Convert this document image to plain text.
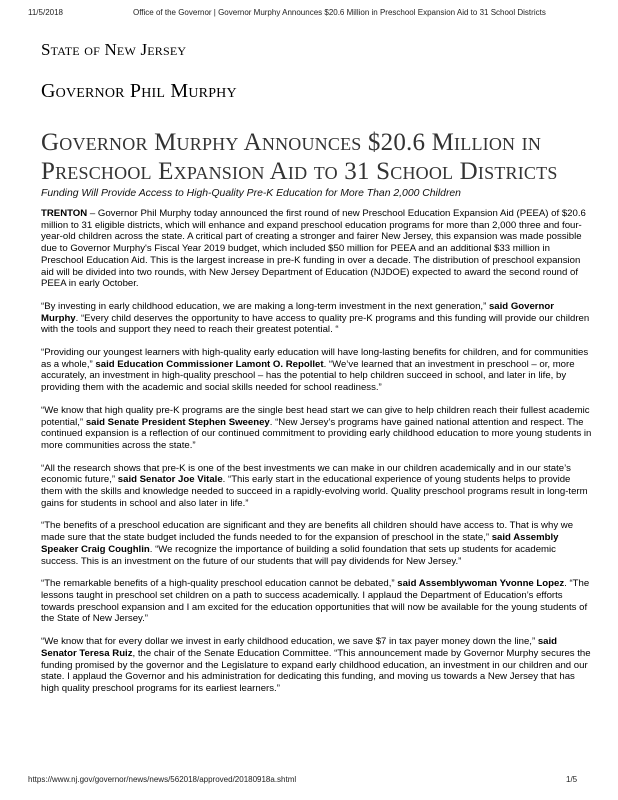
11/5/2018	Office of the Governor | Governor Murphy Announces $20.6 Million in Preschool Expansion Aid to 31 School Districts
State of New Jersey
Governor Phil Murphy
Governor Murphy Announces $20.6 Million in
Preschool Expansion Aid to 31 School Districts
Funding Will Provide Access to High-Quality Pre-K Education for More Than 2,000 Children

TRENTON – Governor Phil Murphy today announced the first round of new Preschool Education Expansion Aid (PEEA) of $20.6 million to 31 eligible districts, which will enhance and expand preschool education programs for more than 2,000 three and four-year-old children across the state. A critical part of creating a stronger and fairer New Jersey, this expansion was made possible due to Governor Murphy's Fiscal Year 2019 budget, which included $50 million for PEEA and an additional $33 million in Preschool Education Aid. This is the largest increase in pre-K funding in over a decade. The distribution of preschool expansion aid will be divided into two rounds, with New Jersey Department of Education (NJDOE) expected to award the second round of PEEA in early October.

“By investing in early childhood education, we are making a long-term investment in the next generation,” said Governor Murphy. “Every child deserves the opportunity to have access to quality pre-K programs and this funding will provide our children with the tools and support they need to reach their greatest potential. “

“Providing our youngest learners with high-quality early education will have long-lasting benefits for children, and for communities as a whole,” said Education Commissioner Lamont O. Repollet. “We’ve learned that an investment in preschool – or, more accurately, an investment in high-quality preschool – has the potential to help children succeed in school, and later in life, by providing them with the academic and social skills needed for school readiness.”

“We know that high quality pre-K programs are the single best head start we can give to help children reach their fullest academic potential,” said Senate President Stephen Sweeney. “New Jersey’s programs have gained national attention and respect. The continued expansion is a reflection of our continued commitment to providing early childhood education to more young students in more communities across the state.”

“All the research shows that pre-K is one of the best investments we can make in our children academically and in our state’s economic future,” said Senator Joe Vitale. “This early start in the educational experience of young students helps to provide them with the skills and knowledge needed to succeed in a rapidly-evolving world. Quality preschool programs result in long-term gains for students in school and also later in life.”

“The benefits of a preschool education are significant and they are benefits all children should have access to. That is why we made sure that the state budget included the funds needed to for the expansion of preschool in the state,” said Assembly Speaker Craig Coughlin. “We recognize the importance of building a solid foundation that sets up students for academic success. This is an investment on the future of our students that will pay dividends for New Jersey.”

“The remarkable benefits of a high-quality preschool education cannot be debated,” said Assemblywoman Yvonne Lopez. “The lessons taught in preschool set children on a path to success academically. I applaud the Department of Education’s efforts towards preschool expansion and I am excited for the education opportunities that will now be available for the young students of the State of New Jersey.”

“We know that for every dollar we invest in early childhood education, we save $7 in tax payer money down the line,” said Senator Teresa Ruiz, the chair of the Senate Education Committee. “This announcement made by Governor Murphy secures the funding promised by the governor and the Legislature to expand early childhood education, an investment in our children and our state. I applaud the Governor and his administration for dedicating this funding, and moving us towards a New Jersey that has high quality preschool programs for its earliest learners.”

https://www.nj.gov/governor/news/news/562018/approved/20180918a.shtml	1/5
